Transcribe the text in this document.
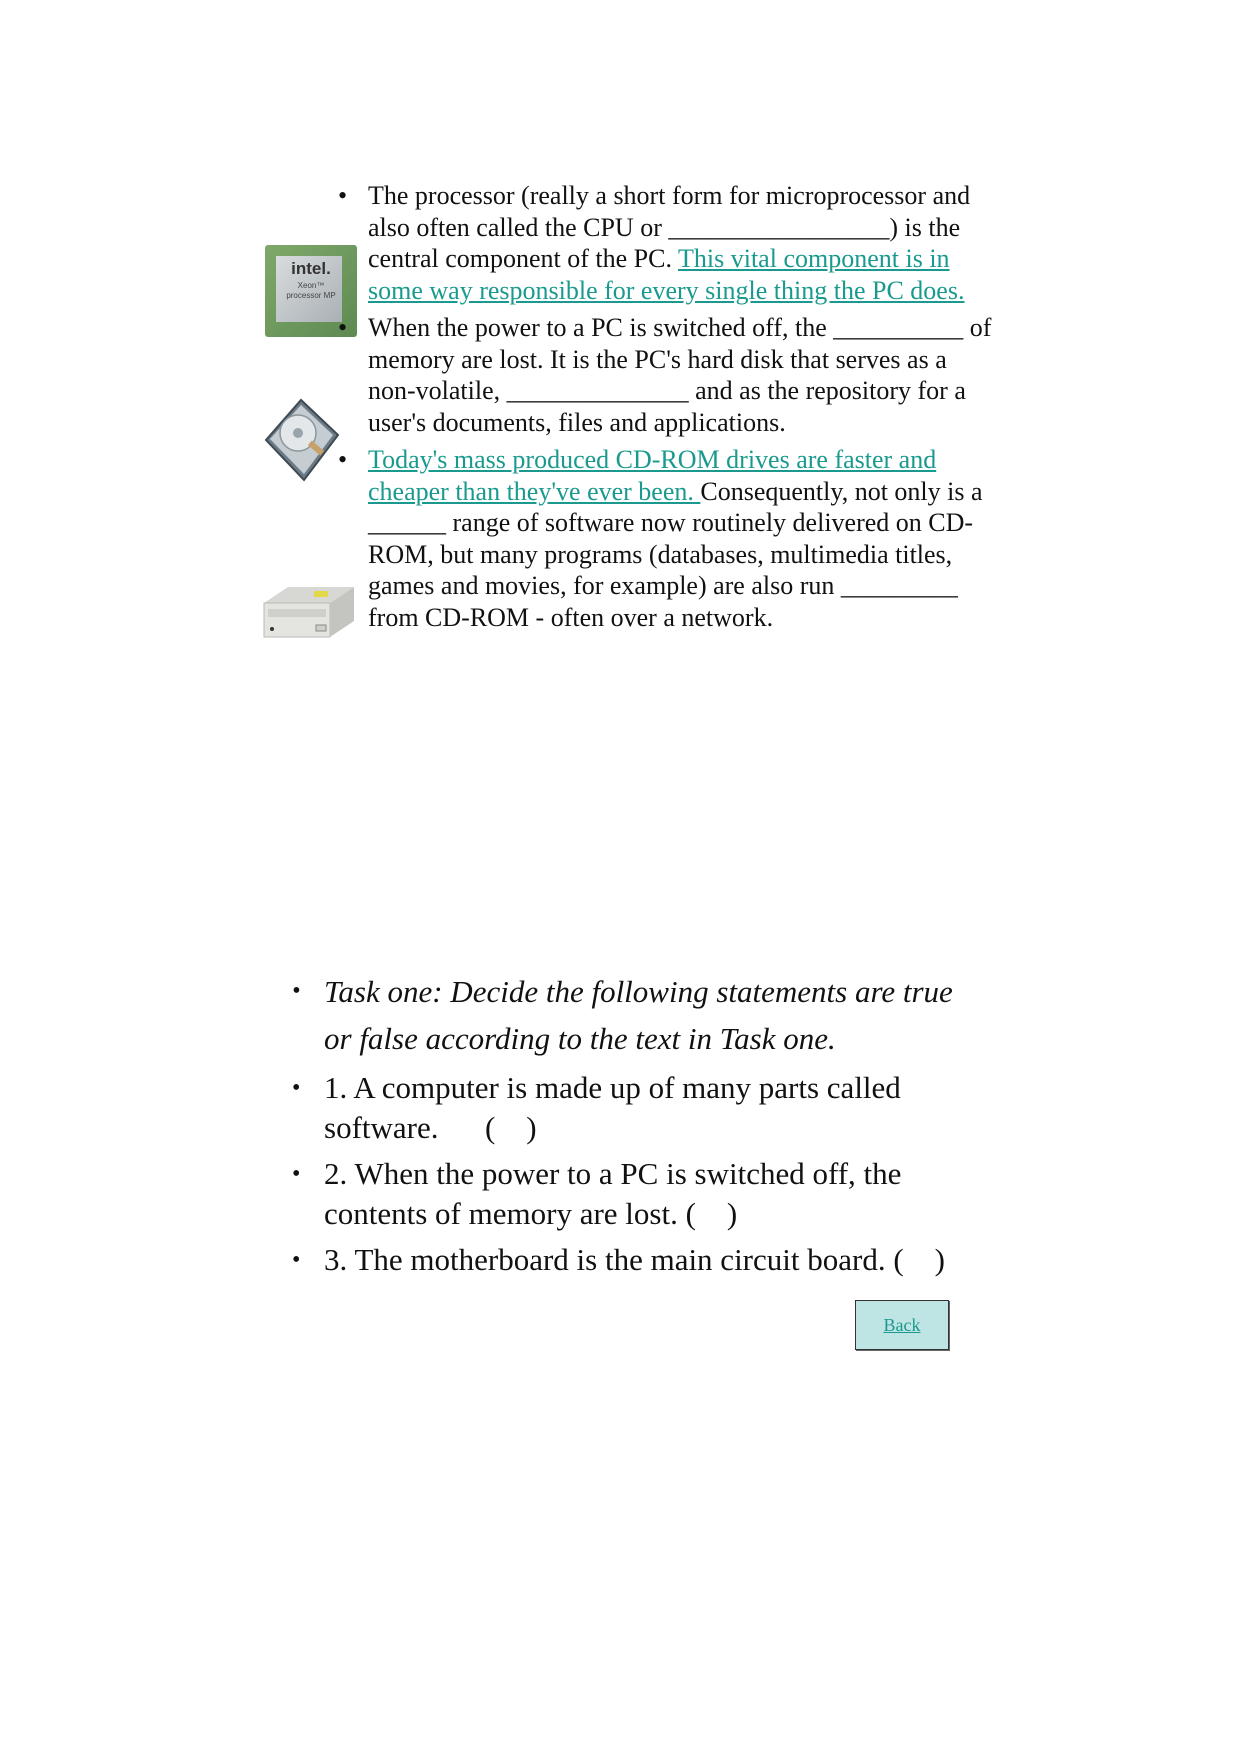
intel.
Xeon™
processor MP
• The processor (really a short form for microprocessor and also often called the CPU or _________________) is the central component of the PC. This vital component is in some way responsible for every single thing the PC does.
• When the power to a PC is switched off, the __________ of memory are lost. It is the PC's hard disk that serves as a non-volatile, ______________ and as the repository for a user's documents, files and applications.
• Today's mass produced CD-ROM drives are faster and cheaper than they've ever been. Consequently, not only is a ______ range of software now routinely delivered on CD-ROM, but many programs (databases, multimedia titles, games and movies, for example) are also run _________ from CD-ROM - often over a network.
• Task one: Decide the following statements are true or false according to the text in Task one.
• 1. A computer is made up of many parts called software.      (    )
• 2. When the power to a PC is switched off, the contents of memory are lost. (    )
• 3. The motherboard is the main circuit board. (    )
Back
